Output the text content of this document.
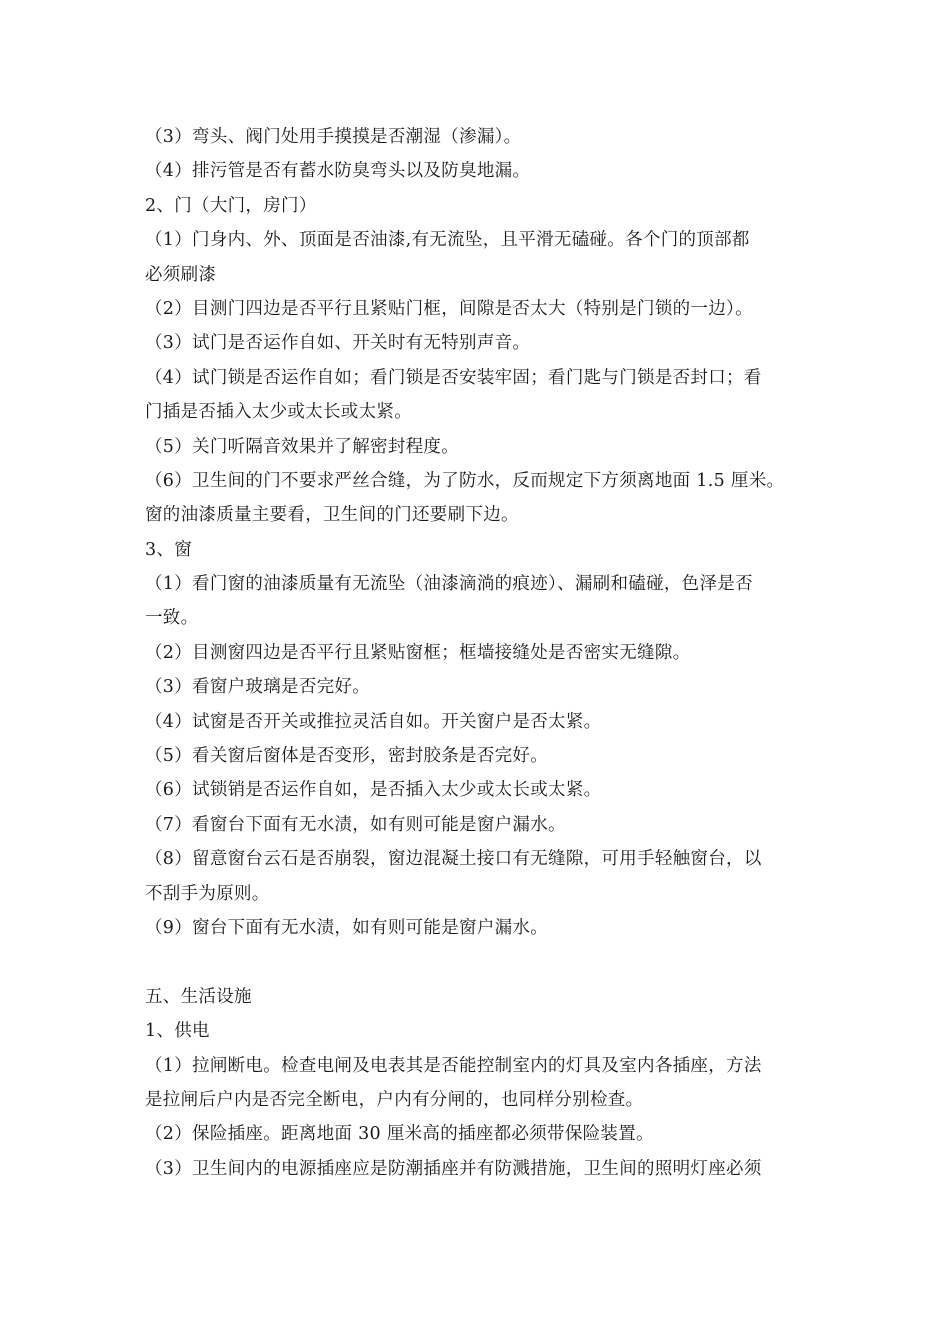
（3）弯头、阀门处用手摸摸是否潮湿（渗漏）。
（4）排污管是否有蓄水防臭弯头以及防臭地漏。
2、门（大门，房门）
（1）门身内、外、顶面是否油漆,有无流坠，且平滑无磕碰。各个门的顶部都
必须刷漆
（2）目测门四边是否平行且紧贴门框，间隙是否太大（特别是门锁的一边）。
（3）试门是否运作自如、开关时有无特别声音。
（4）试门锁是否运作自如；看门锁是否安装牢固；看门匙与门锁是否封口；看
门插是否插入太少或太长或太紧。
（5）关门听隔音效果并了解密封程度。
（6）卫生间的门不要求严丝合缝，为了防水，反而规定下方须离地面 1.5 厘米。
窗的油漆质量主要看，卫生间的门还要刷下边。
3、窗
（1）看门窗的油漆质量有无流坠（油漆滴淌的痕迹）、漏刷和磕碰，色泽是否
一致。
（2）目测窗四边是否平行且紧贴窗框；框墙接缝处是否密实无缝隙。
（3）看窗户玻璃是否完好。
（4）试窗是否开关或推拉灵活自如。开关窗户是否太紧。
（5）看关窗后窗体是否变形，密封胶条是否完好。
（6）试锁销是否运作自如，是否插入太少或太长或太紧。
（7）看窗台下面有无水渍，如有则可能是窗户漏水。
（8）留意窗台云石是否崩裂，窗边混凝土接口有无缝隙，可用手轻触窗台，以
不刮手为原则。
（9）窗台下面有无水渍，如有则可能是窗户漏水。
五、生活设施
1、供电
（1）拉闸断电。检查电闸及电表其是否能控制室内的灯具及室内各插座，方法
是拉闸后户内是否完全断电，户内有分闸的，也同样分别检查。
（2）保险插座。距离地面 30 厘米高的插座都必须带保险装置。
（3）卫生间内的电源插座应是防潮插座并有防溅措施，卫生间的照明灯座必须
